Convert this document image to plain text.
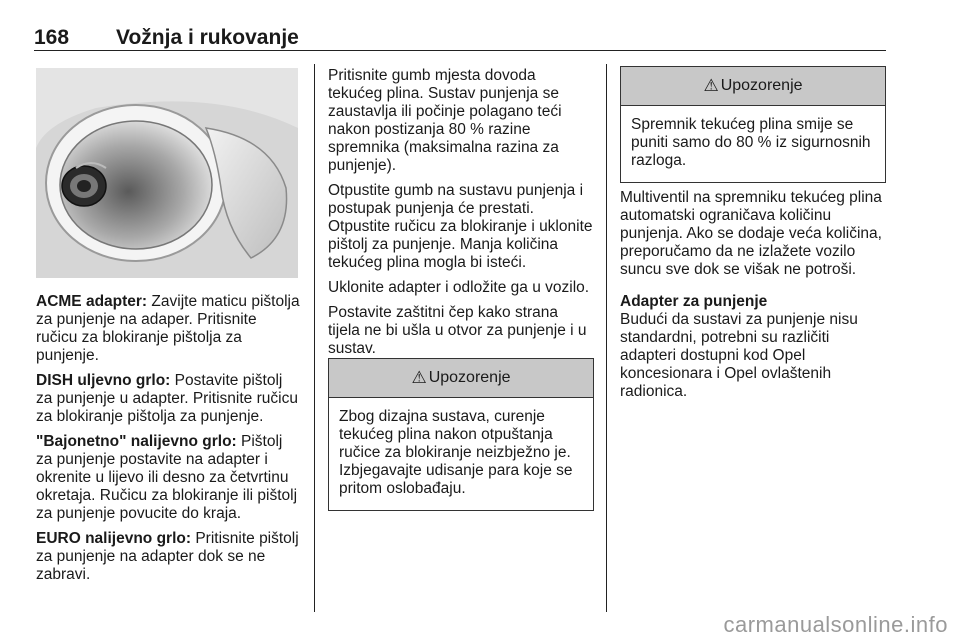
168 Vožnja i rukovanje

ACME adapter: Zavijte maticu pištolja za punjenje na adaper. Pritisnite ručicu za blokiranje pištolja za punjenje.

DISH uljevno grlo: Postavite pištolj za punjenje u adapter. Pritisnite ručicu za blokiranje pištolja za punjenje.

"Bajonetno" nalijevno grlo: Pištolj za punjenje postavite na adapter i okrenite u lijevo ili desno za četvrtinu okretaja. Ručicu za blokiranje ili pištolj za punjenje povucite do kraja.

EURO nalijevno grlo: Pritisnite pištolj za punjenje na adapter dok se ne zabravi.

Pritisnite gumb mjesta dovoda tekućeg plina. Sustav punjenja se zaustavlja ili počinje polagano teći nakon postizanja 80 % razine spremnika (maksimalna razina za punjenje).

Otpustite gumb na sustavu punjenja i postupak punjenja će prestati. Otpustite ručicu za blokiranje i uklonite pištolj za punjenje. Manja količina tekućeg plina mogla bi isteći.

Uklonite adapter i odložite ga u vozilo.

Postavite zaštitni čep kako strana tijela ne bi ušla u otvor za punjenje i u sustav.

⚠ Upozorenje
Zbog dizajna sustava, curenje tekućeg plina nakon otpuštanja ručice za blokiranje neizbježno je. Izbjegavajte udisanje para koje se pritom oslobađaju.
⚠ Upozorenje
Spremnik tekućeg plina smije se puniti samo do 80 % iz sigurnosnih razloga.

Multiventil na spremniku tekućeg plina automatski ograničava količinu punjenja. Ako se dodaje veća količina, preporučamo da ne izlažete vozilo suncu sve dok se višak ne potroši.

Adapter za punjenje

Budući da sustavi za punjenje nisu standardni, potrebni su različiti adapteri dostupni kod Opel koncesionara i Opel ovlaštenih radionica.

carmanualsonline.info
